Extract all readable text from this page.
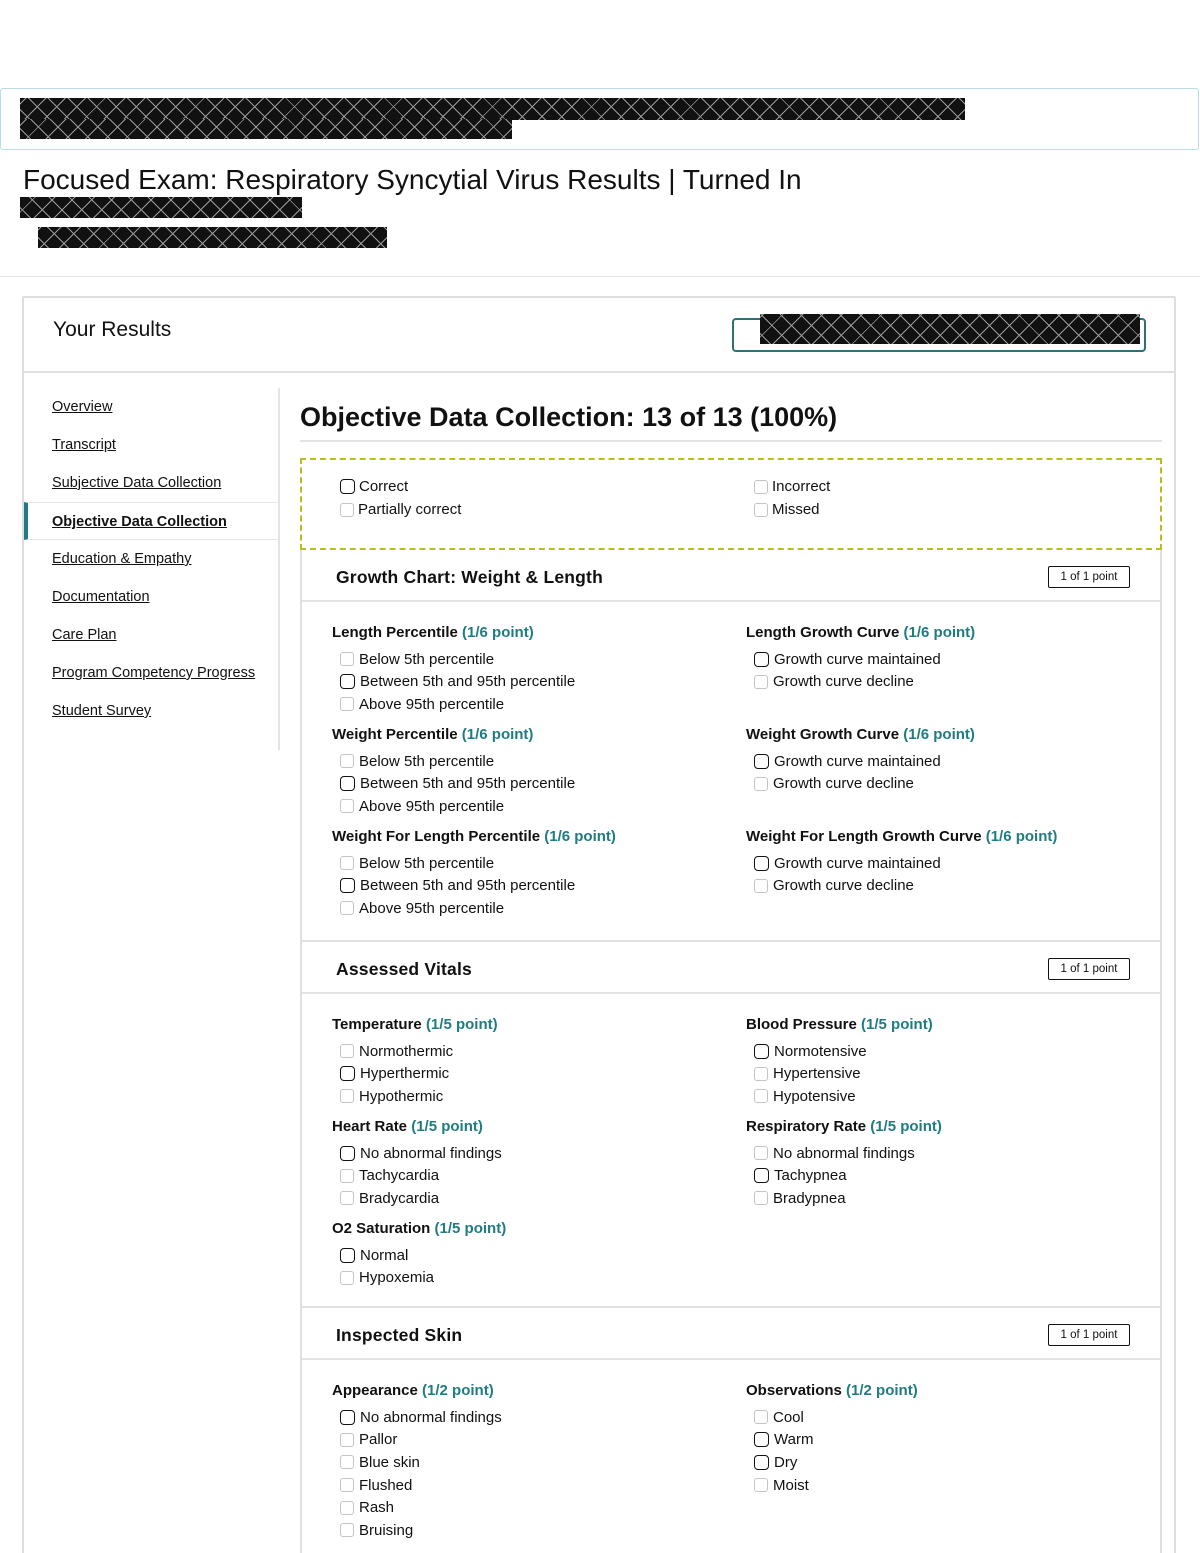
Focused Exam: Respiratory Syncytial Virus Results | Turned In
Your Results
Overview
Transcript
Subjective Data Collection
Objective Data Collection
Education & Empathy
Documentation
Care Plan
Program Competency Progress
Student Survey
Objective Data Collection: 13 of 13 (100%)
Correct
Partially correct
Incorrect
Missed
Growth Chart: Weight & Length	1 of 1 point
Length Percentile (1/6 point)
Below 5th percentile
Between 5th and 95th percentile
Above 95th percentile
Length Growth Curve (1/6 point)
Growth curve maintained
Growth curve decline
Weight Percentile (1/6 point)
Below 5th percentile
Between 5th and 95th percentile
Above 95th percentile
Weight Growth Curve (1/6 point)
Growth curve maintained
Growth curve decline
Weight For Length Percentile (1/6 point)
Below 5th percentile
Between 5th and 95th percentile
Above 95th percentile
Weight For Length Growth Curve (1/6 point)
Growth curve maintained
Growth curve decline
Assessed Vitals	1 of 1 point
Temperature (1/5 point)
Normothermic
Hyperthermic
Hypothermic
Blood Pressure (1/5 point)
Normotensive
Hypertensive
Hypotensive
Heart Rate (1/5 point)
No abnormal findings
Tachycardia
Bradycardia
Respiratory Rate (1/5 point)
No abnormal findings
Tachypnea
Bradypnea
O2 Saturation (1/5 point)
Normal
Hypoxemia
Inspected Skin	1 of 1 point
Appearance (1/2 point)
No abnormal findings
Pallor
Blue skin
Flushed
Rash
Bruising
Observations (1/2 point)
Cool
Warm
Dry
Moist
